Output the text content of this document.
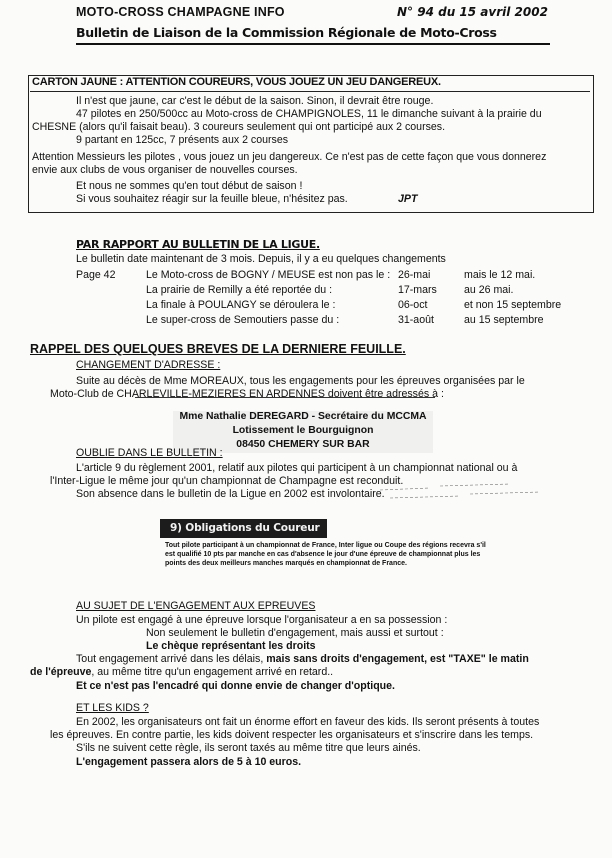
MOTO-CROSS CHAMPAGNE INFO	N° 94 du 15 avril 2002
Bulletin de Liaison de la Commission Régionale de Moto-Cross
CARTON JAUNE : ATTENTION COUREURS, VOUS JOUEZ UN JEU DANGEREUX.
Il n'est que jaune, car c'est le début de la saison. Sinon, il devrait être rouge.
47 pilotes en 250/500cc au Moto-cross de CHAMPIGNOLES, 11 le dimanche suivant à la prairie du
CHESNE (alors qu'il faisait beau). 3 coureurs seulement qui ont participé aux 2 courses.
9 partant en 125cc, 7 présents aux 2 courses
Attention Messieurs les pilotes , vous jouez un jeu dangereux. Ce n'est pas de cette façon que vous donnerez
envie aux clubs de vous organiser de nouvelles courses.
Et nous ne sommes qu'en tout début de saison !
Si vous souhaitez réagir sur la feuille bleue, n'hésitez pas.	JPT
PAR RAPPORT AU BULLETIN DE LA LIGUE.
Le bulletin date maintenant de 3 mois. Depuis, il y a eu quelques changements
Page 42	Le Moto-cross de BOGNY / MEUSE est non pas le : 26-mai	mais le 12 mai.
La prairie de Remilly a été reportée du :	17-mars	au 26 mai.
La finale à POULANGY se déroulera le :	06-oct	et non 15 septembre
Le super-cross de Semoutiers passe du :	31-août	au 15 septembre
RAPPEL DES QUELQUES BREVES DE LA DERNIERE FEUILLE.
CHANGEMENT D'ADRESSE :
Suite au décès de Mme MOREAUX, tous les engagements pour les épreuves organisées par le
Moto-Club de CHARLEVILLE-MEZIERES EN ARDENNES doivent être adressés à :
Mme Nathalie DEREGARD - Secrétaire du MCCMA
Lotissement le Bourguignon
08450 CHEMERY SUR BAR
OUBLIE DANS LE BULLETIN :
L'article 9 du règlement 2001, relatif aux pilotes qui participent à un championnat national ou à
l'Inter-Ligue le même jour qu'un championnat de Champagne est reconduit.
Son absence dans le bulletin de la Ligue en 2002 est involontaire.
9) Obligations du Coureur
Tout pilote participant à un championnat de France, Inter ligue ou Coupe des régions recevra s'il
est qualifié 10 pts par manche en cas d'absence le jour d'une épreuve de championnat plus les
points des deux meilleurs manches marqués en championnat de France.
AU SUJET DE L'ENGAGEMENT AUX EPREUVES
Un pilote est engagé à une épreuve lorsque l'organisateur a en sa possession :
Non seulement le bulletin d'engagement, mais aussi et surtout :
Le chèque représentant les droits
Tout engagement arrivé dans les délais, mais sans droits d'engagement, est "TAXE" le matin
de l'épreuve, au même titre qu'un engagement arrivé en retard..
Et ce n'est pas l'encadré qui donne envie de changer d'optique.
ET LES KIDS ?
En 2002, les organisateurs ont fait un énorme effort en faveur des kids. Ils seront présents à toutes
les épreuves. En contre partie, les kids doivent respecter les organisateurs et s'inscrire dans les temps.
S'ils ne suivent cette règle, ils seront taxés au même titre que leurs ainés.
L'engagement passera alors de 5 à 10 euros.
